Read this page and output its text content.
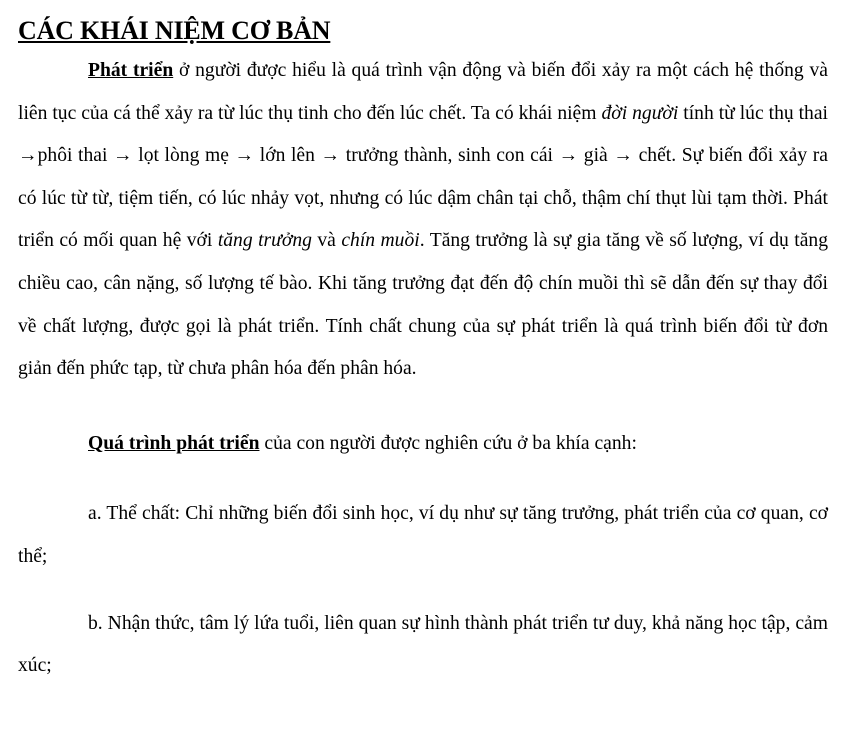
CÁC KHÁI NIỆM CƠ BẢN

Phát triển ở người được hiểu là quá trình vận động và biến đổi xảy ra một cách hệ thống và liên tục của cá thể xảy ra từ lúc thụ tinh cho đến lúc chết. Ta có khái niệm đời người tính từ lúc thụ thai →phôi thai → lọt lòng mẹ → lớn lên → trưởng thành, sinh con cái → già → chết. Sự biến đổi xảy ra có lúc từ từ, tiệm tiến, có lúc nhảy vọt, nhưng có lúc dậm chân tại chỗ, thậm chí thụt lùi tạm thời. Phát triển có mối quan hệ với tăng trưởng và chín muồi. Tăng trưởng là sự gia tăng về số lượng, ví dụ tăng chiều cao, cân nặng, số lượng tế bào. Khi tăng trưởng đạt đến độ chín muồi thì sẽ dẫn đến sự thay đổi về chất lượng, được gọi là phát triển. Tính chất chung của sự phát triển là quá trình biến đổi từ đơn giản đến phức tạp, từ chưa phân hóa đến phân hóa.

Quá trình phát triển của con người được nghiên cứu ở ba khía cạnh:

a. Thể chất: Chỉ những biến đổi sinh học, ví dụ như sự tăng trưởng, phát triển của cơ quan, cơ thể;

b. Nhận thức, tâm lý lứa tuổi, liên quan sự hình thành phát triển tư duy, khả năng học tập, cảm xúc;
